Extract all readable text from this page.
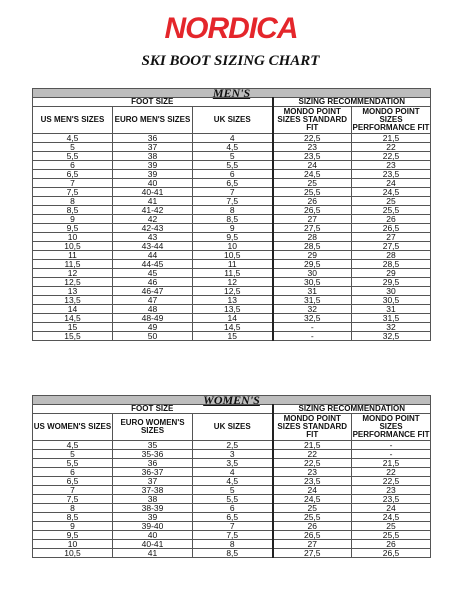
NORDICA
SKI BOOT SIZING CHART
MEN'S				
FOOT SIZE			SIZING RECOMMENDATION	
US MEN'S SIZES	EURO MEN'S SIZES	UK SIZES	MONDO POINT SIZES STANDARD FIT	MONDO POINT SIZES PERFORMANCE FIT
4,5	36	4	22,5	21,5
5	37	4,5	23	22
5,5	38	5	23,5	22,5
6	39	5,5	24	23
6,5	39	6	24,5	23,5
7	40	6,5	25	24
7,5	40-41	7	25,5	24,5
8	41	7,5	26	25
8,5	41-42	8	26,5	25,5
9	42	8,5	27	26
9,5	42-43	9	27,5	26,5
10	43	9,5	28	27
10,5	43-44	10	28,5	27,5
11	44	10,5	29	28
11,5	44-45	11	29,5	28,5
12	45	11,5	30	29
12,5	46	12	30,5	29,5
13	46-47	12,5	31	30
13,5	47	13	31,5	30,5
14	48	13,5	32	31
14,5	48-49	14	32,5	31,5
15	49	14,5	-	32
15,5	50	15	-	32,5
WOMEN'S				
FOOT SIZE			SIZING RECOMMENDATION	
US WOMEN'S SIZES	EURO WOMEN'S SIZES	UK SIZES	MONDO POINT SIZES STANDARD FIT	MONDO POINT SIZES PERFORMANCE FIT
4,5	35	2,5	21,5	-
5	35-36	3	22	-
5,5	36	3,5	22,5	21,5
6	36-37	4	23	22
6,5	37	4,5	23,5	22,5
7	37-38	5	24	23
7,5	38	5,5	24,5	23,5
8	38-39	6	25	24
8,5	39	6,5	25,5	24,5
9	39-40	7	26	25
9,5	40	7,5	26,5	25,5
10	40-41	8	27	26
10,5	41	8,5	27,5	26,5
